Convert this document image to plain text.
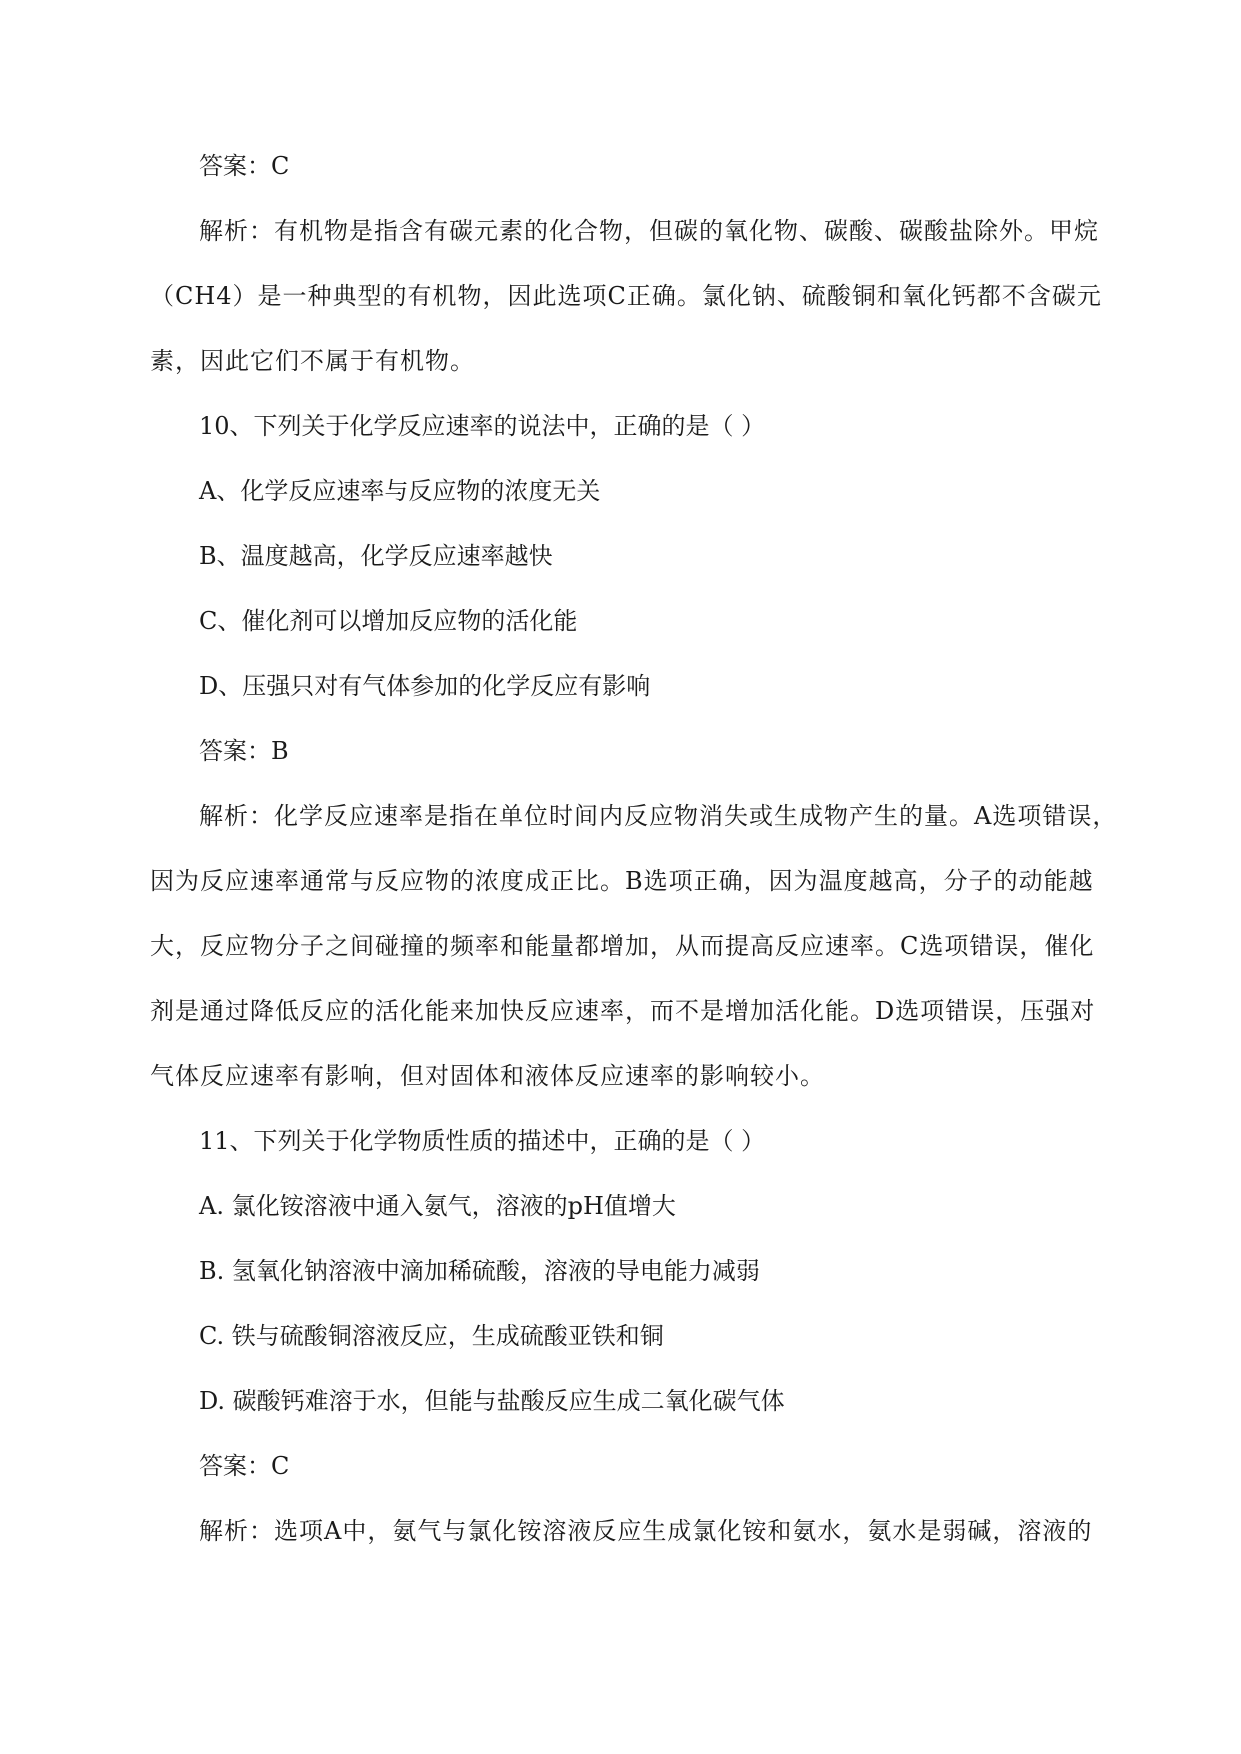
答案：C

解析：有机物是指含有碳元素的化合物，但碳的氧化物、碳酸、碳酸盐除外。甲烷

（CH4）是一种典型的有机物，因此选项C正确。氯化钠、硫酸铜和氧化钙都不含碳元

素，因此它们不属于有机物。

10、下列关于化学反应速率的说法中，正确的是（ ）

A、化学反应速率与反应物的浓度无关

B、温度越高，化学反应速率越快

C、催化剂可以增加反应物的活化能

D、压强只对有气体参加的化学反应有影响

答案：B

解析：化学反应速率是指在单位时间内反应物消失或生成物产生的量。A选项错误，

因为反应速率通常与反应物的浓度成正比。B选项正确，因为温度越高，分子的动能越

大，反应物分子之间碰撞的频率和能量都增加，从而提高反应速率。C选项错误，催化

剂是通过降低反应的活化能来加快反应速率，而不是增加活化能。D选项错误，压强对

气体反应速率有影响，但对固体和液体反应速率的影响较小。

11、下列关于化学物质性质的描述中，正确的是（ ）

A. 氯化铵溶液中通入氨气，溶液的pH值增大

B. 氢氧化钠溶液中滴加稀硫酸，溶液的导电能力减弱

C. 铁与硫酸铜溶液反应，生成硫酸亚铁和铜

D. 碳酸钙难溶于水，但能与盐酸反应生成二氧化碳气体

答案：C

解析：选项A中，氨气与氯化铵溶液反应生成氯化铵和氨水，氨水是弱碱，溶液的
